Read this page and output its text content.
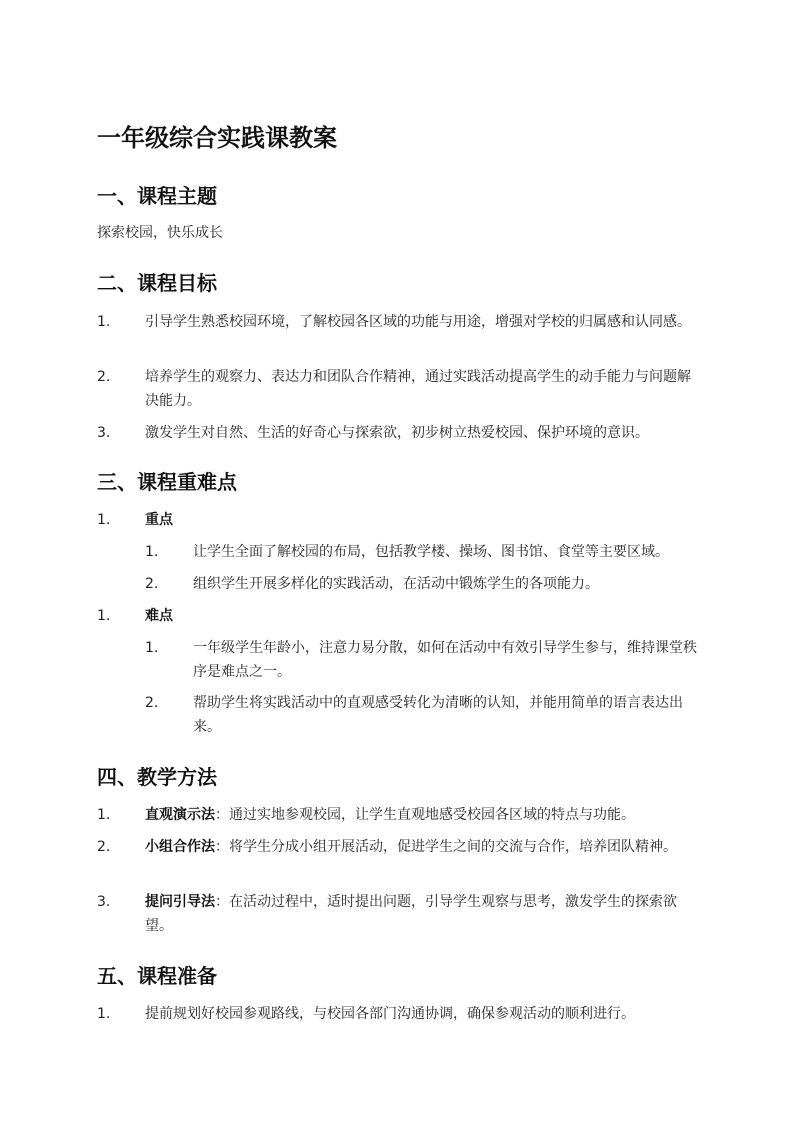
一年级综合实践课教案
一、课程主题

探索校园，快乐成长

二、课程目标
1. 引导学生熟悉校园环境，了解校园各区域的功能与用途，增强对学校的归属感和认同感。
2. 培养学生的观察力、表达力和团队合作精神，通过实践活动提高学生的动手能力与问题解决能力。
3. 激发学生对自然、生活的好奇心与探索欲，初步树立热爱校园、保护环境的意识。
三、课程重难点
1. 重点
1. 让学生全面了解校园的布局，包括教学楼、操场、图书馆、食堂等主要区域。
2. 组织学生开展多样化的实践活动，在活动中锻炼学生的各项能力。
1. 难点
1. 一年级学生年龄小，注意力易分散，如何在活动中有效引导学生参与，维持课堂秩序是难点之一。
2. 帮助学生将实践活动中的直观感受转化为清晰的认知，并能用简单的语言表达出来。
四、教学方法
1. 直观演示法：通过实地参观校园，让学生直观地感受校园各区域的特点与功能。
2. 小组合作法：将学生分成小组开展活动，促进学生之间的交流与合作，培养团队精神。
3. 提问引导法：在活动过程中，适时提出问题，引导学生观察与思考，激发学生的探索欲望。
五、课程准备
1. 提前规划好校园参观路线，与校园各部门沟通协调，确保参观活动的顺利进行。
